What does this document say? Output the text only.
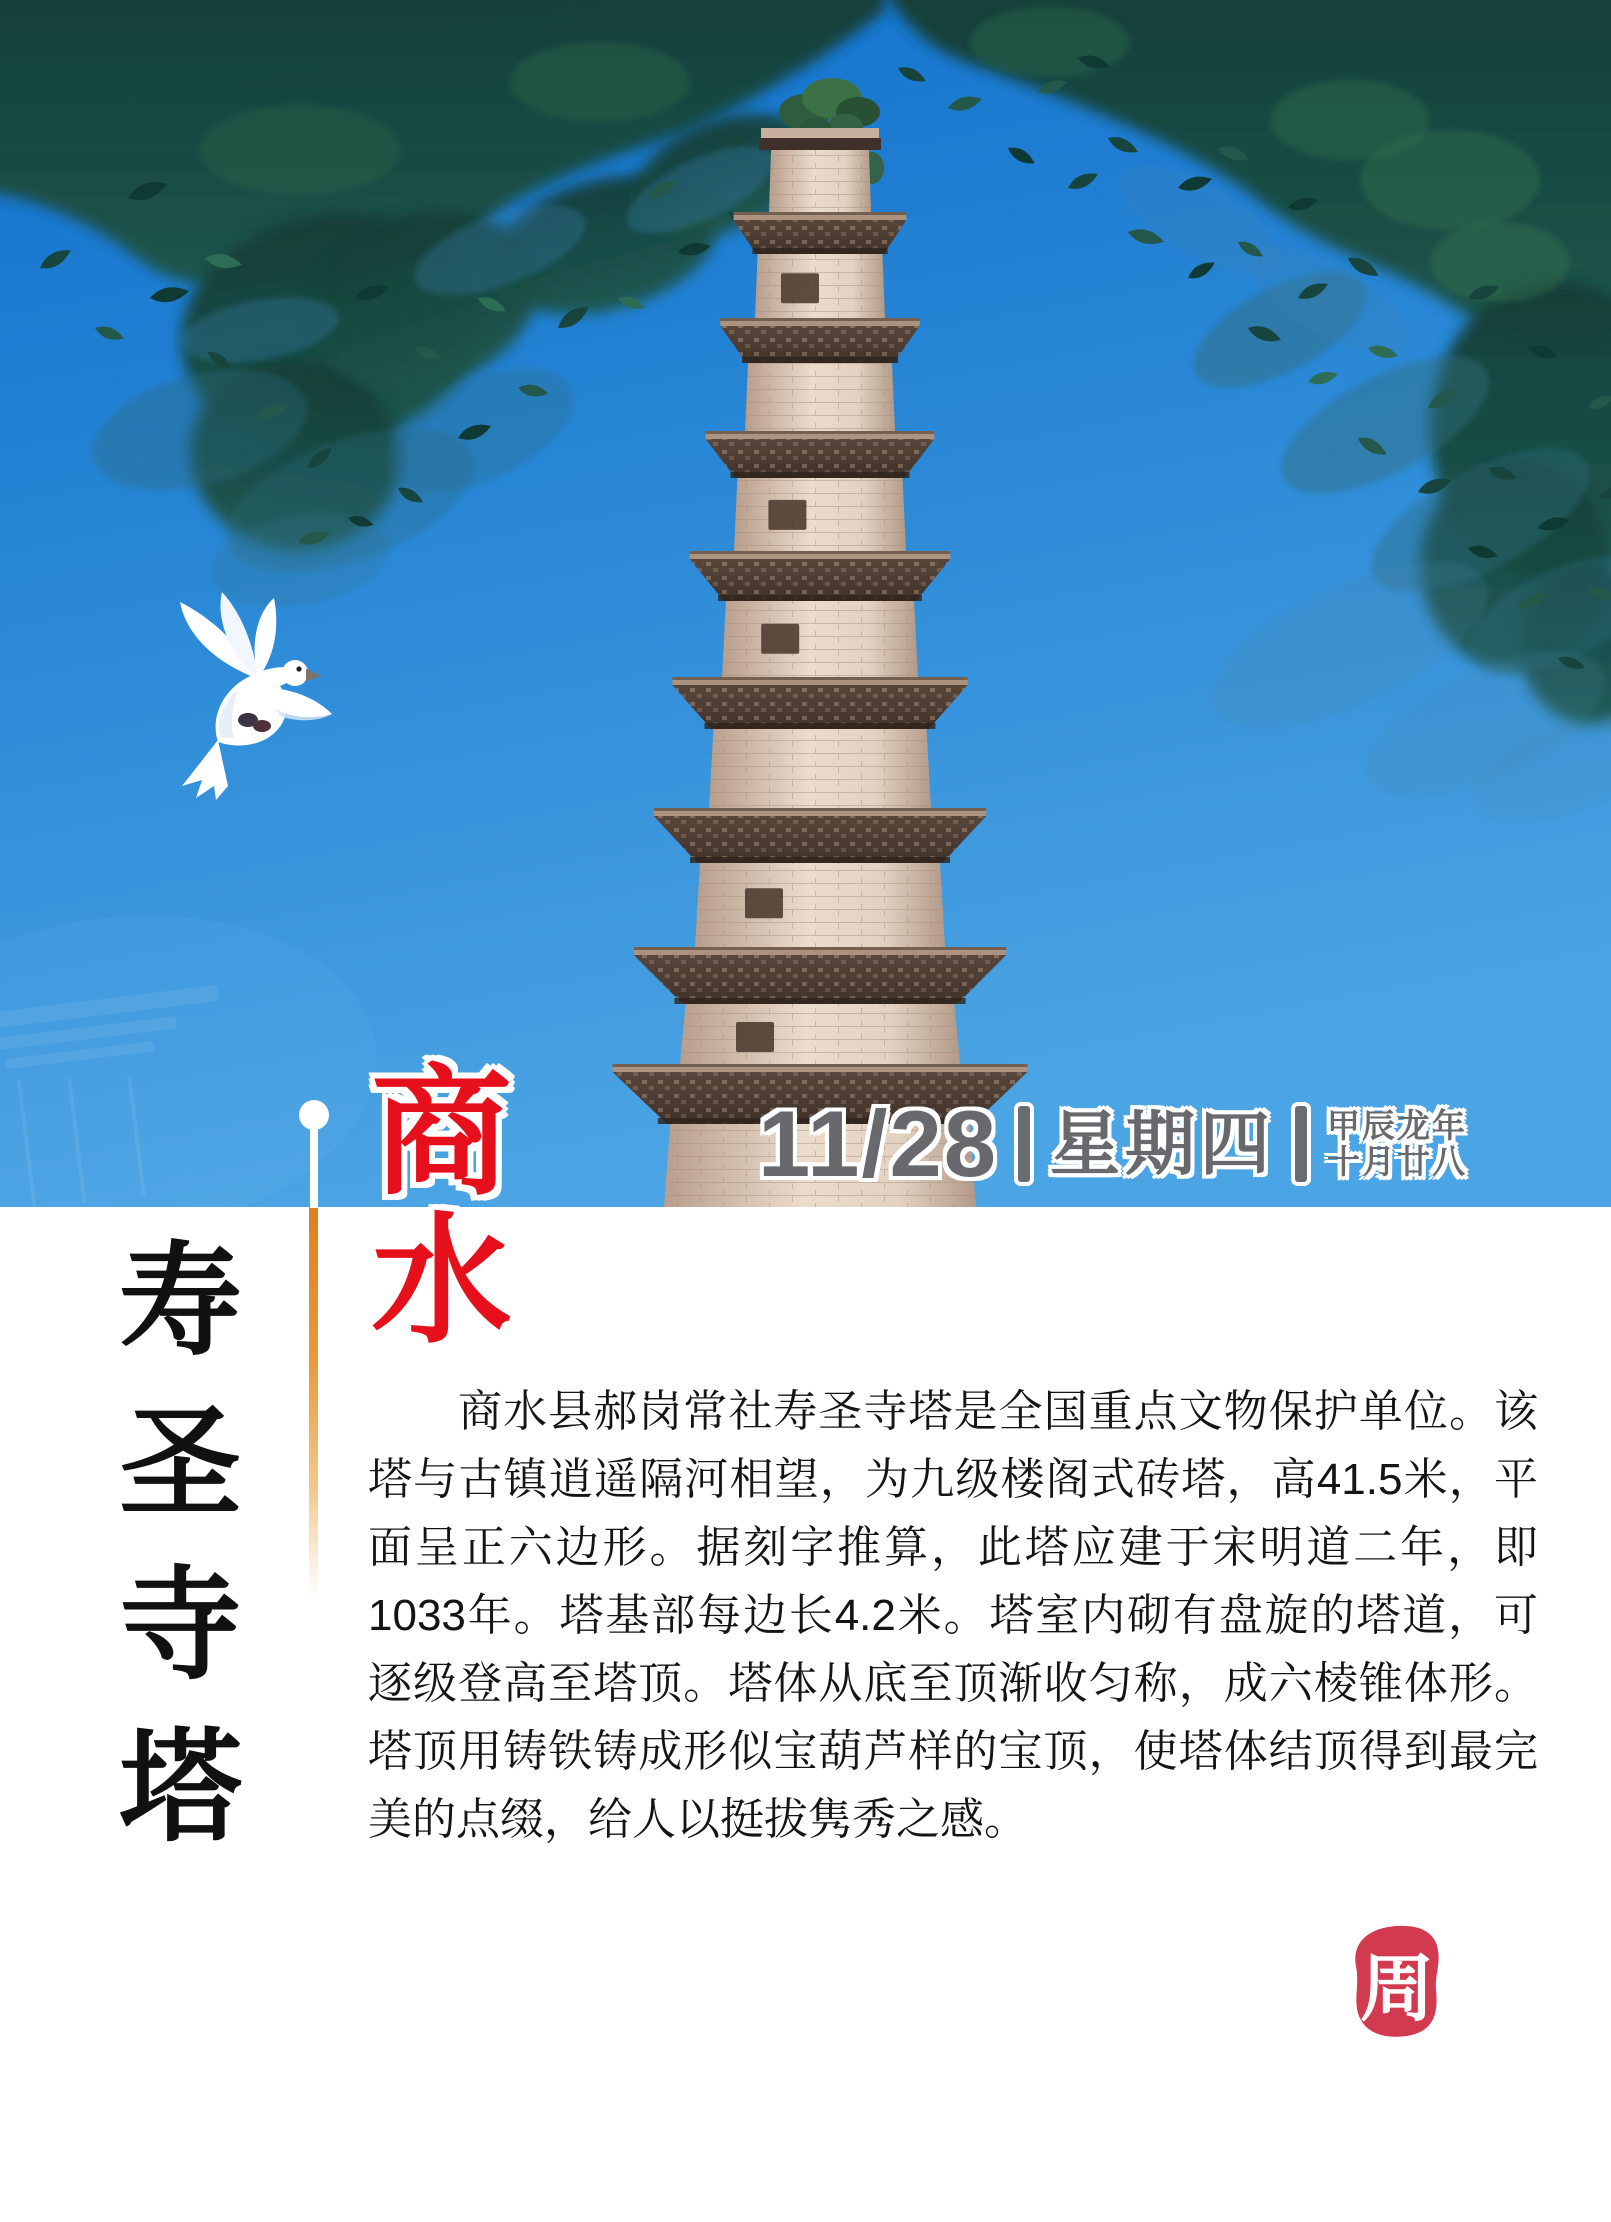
11/28 星期四 甲辰龙年
十月廿八
商水
寿圣寺塔	　　商水县郝岗常社寿圣寺塔是全国重点文物保护单位。该塔与古镇逍遥隔河相望，为九级楼阁式砖塔，高41.5米，平面呈正六边形。据刻字推算，此塔应建于宋明道二年，即1033年。塔基部每边长4.2米。塔室内砌有盘旋的塔道，可逐级登高至塔顶。塔体从底至顶渐收匀称，成六棱锥体形。塔顶用铸铁铸成形似宝葫芦样的宝顶，使塔体结顶得到最完美的点缀，给人以挺拔隽秀之感。
周
